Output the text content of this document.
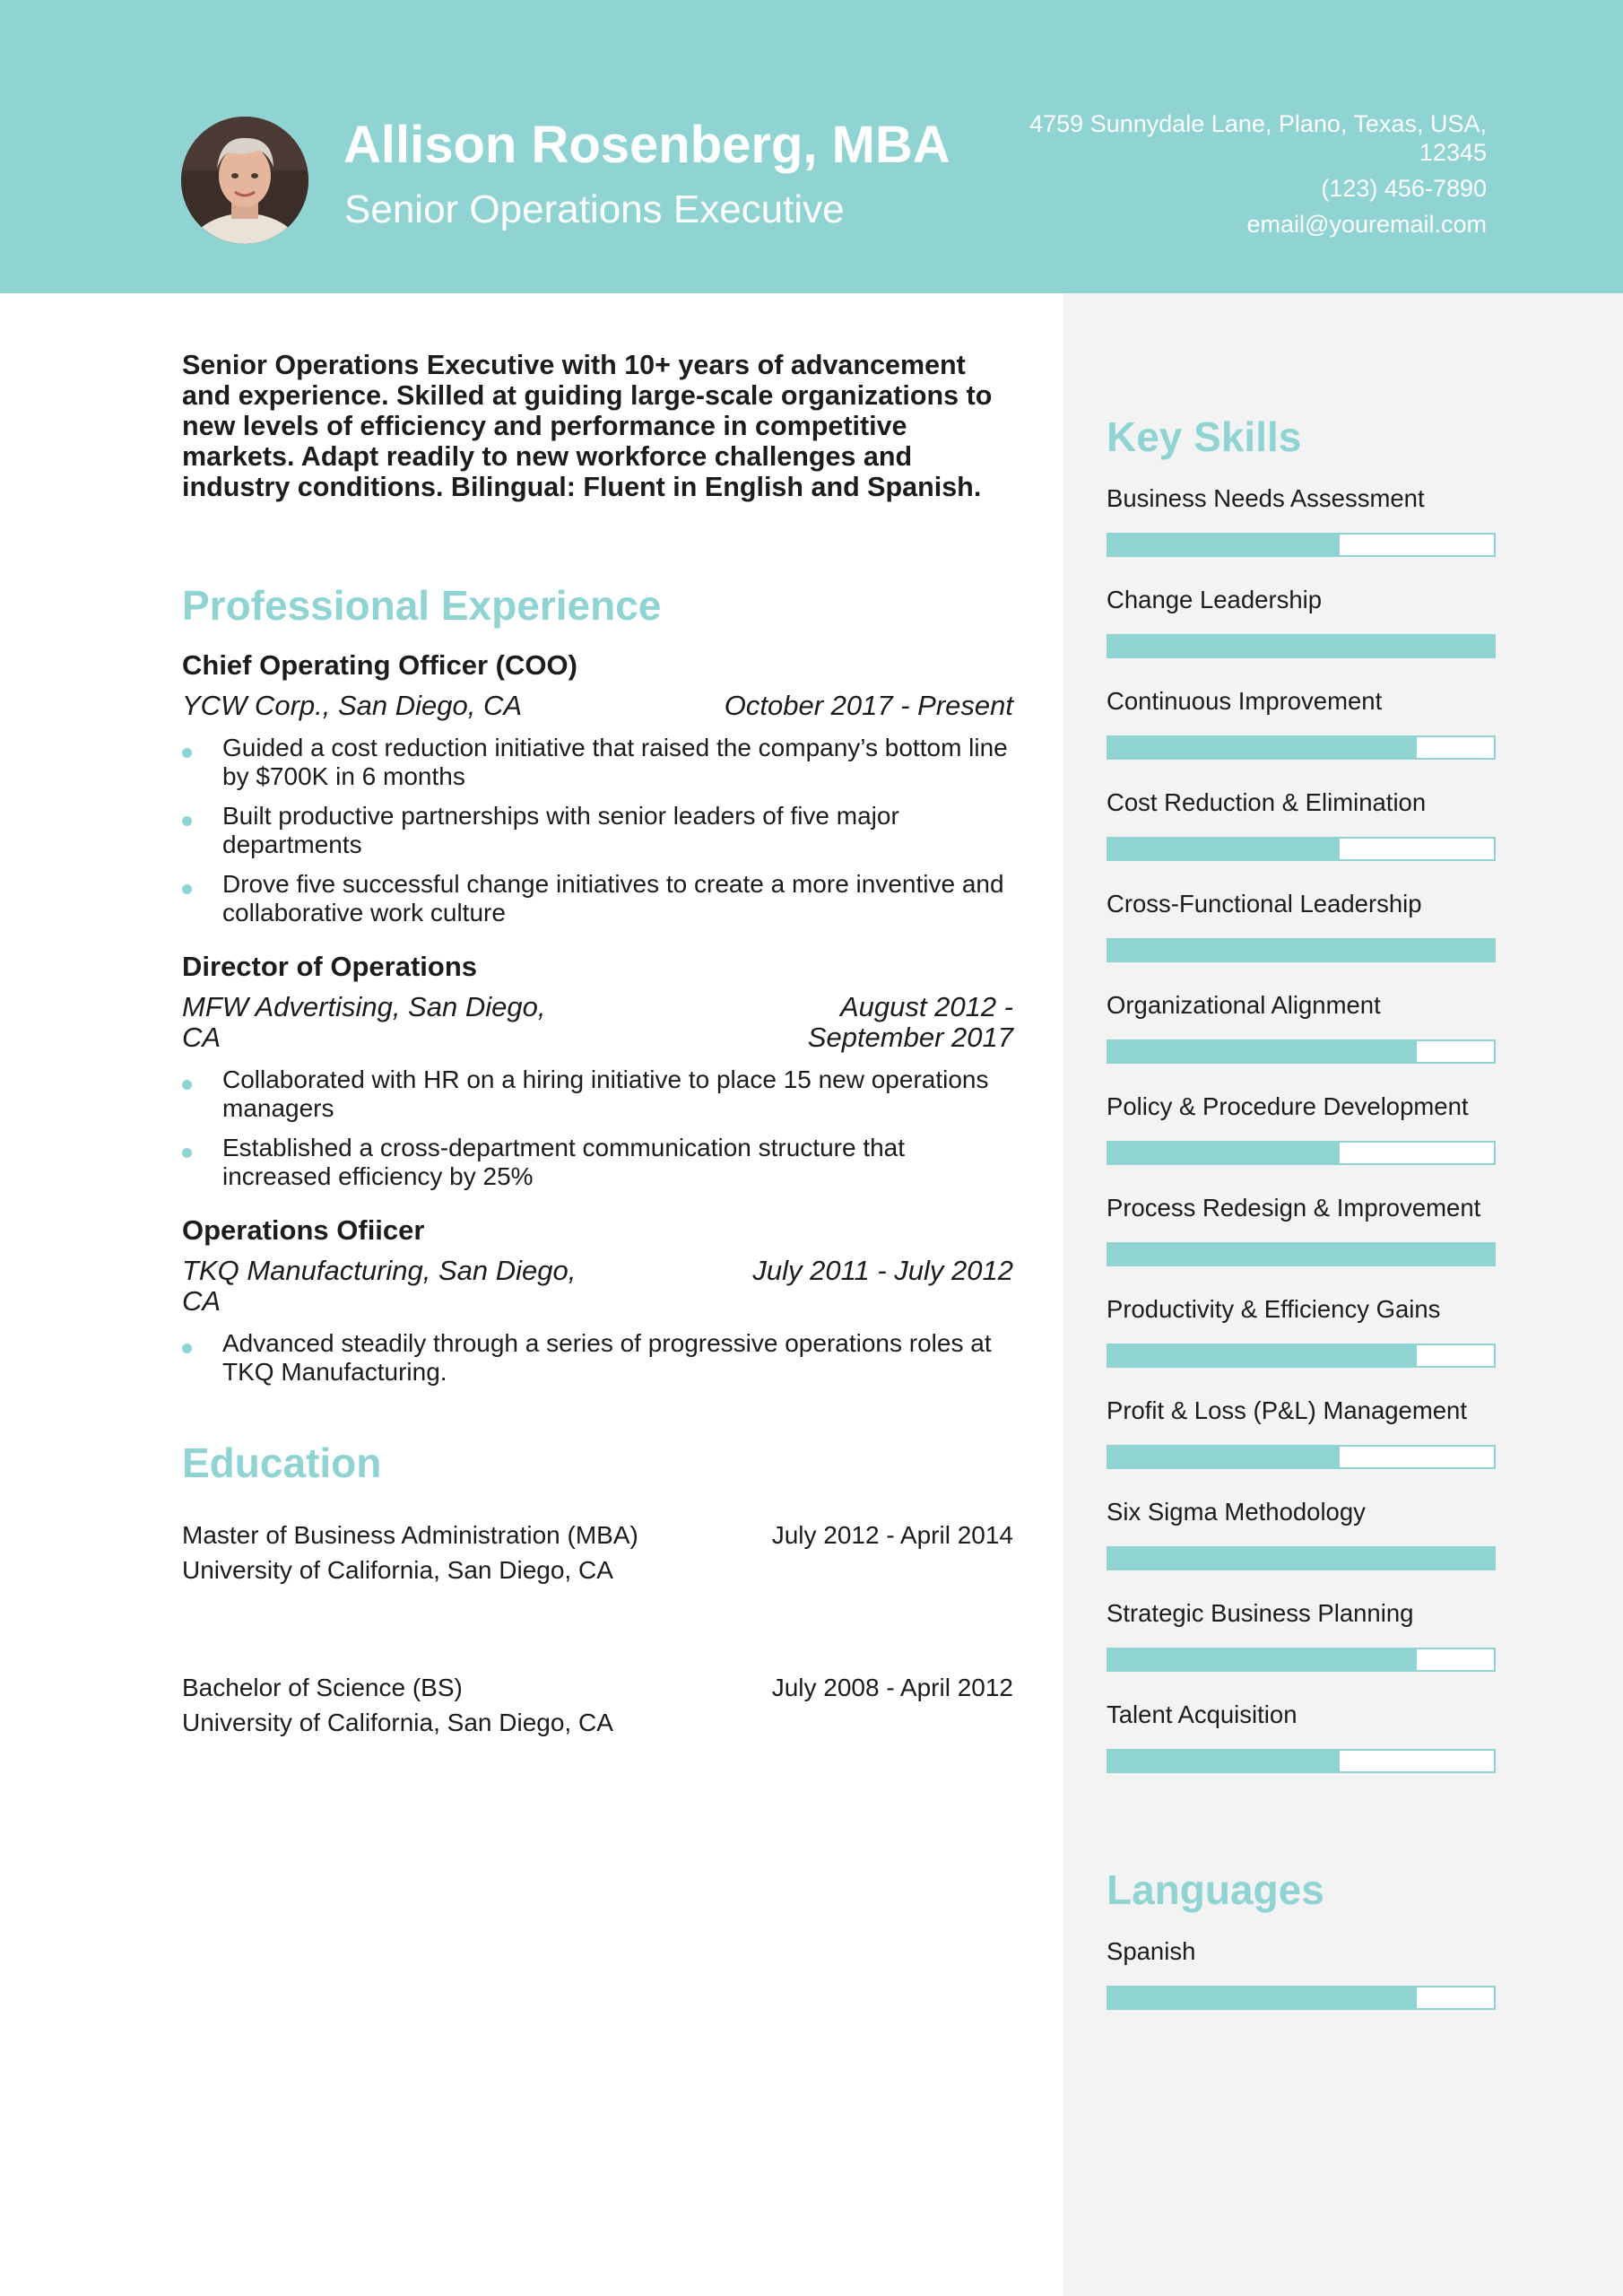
Allison Rosenberg, MBA
Senior Operations Executive
4759 Sunnydale Lane, Plano, Texas, USA, 12345
(123) 456-7890
email@youremail.com

Senior Operations Executive with 10+ years of advancement and experience. Skilled at guiding large-scale organizations to new levels of efficiency and performance in competitive markets. Adapt readily to new workforce challenges and industry conditions. Bilingual: Fluent in English and Spanish.

Professional Experience
Chief Operating Officer (COO)
YCW Corp., San Diego, CA	October 2017 - Present
Guided a cost reduction initiative that raised the company’s bottom line by $700K in 6 months
Built productive partnerships with senior leaders of five major departments
Drove five successful change initiatives to create a more inventive and collaborative work culture
Director of Operations
MFW Advertising, San Diego, CA
August 2012 - September 2017
Collaborated with HR on a hiring initiative to place 15 new operations managers
Established a cross-department communication structure that increased efficiency by 25%
Operations Ofiicer
TKQ Manufacturing, San Diego, CA
July 2011 - July 2012
Advanced steadily through a series of progressive operations roles at TKQ Manufacturing.
Education
Master of Business Administration (MBA)	July 2012 - April 2014
University of California, San Diego, CA
Bachelor of Science (BS)	July 2008 - April 2012
University of California, San Diego, CA
Key Skills
Business Needs Assessment
Change Leadership
Continuous Improvement
Cost Reduction & Elimination
Cross-Functional Leadership
Organizational Alignment
Policy & Procedure Development
Process Redesign & Improvement
Productivity & Efficiency Gains
Profit & Loss (P&L) Management
Six Sigma Methodology
Strategic Business Planning
Talent Acquisition
Languages
Spanish
